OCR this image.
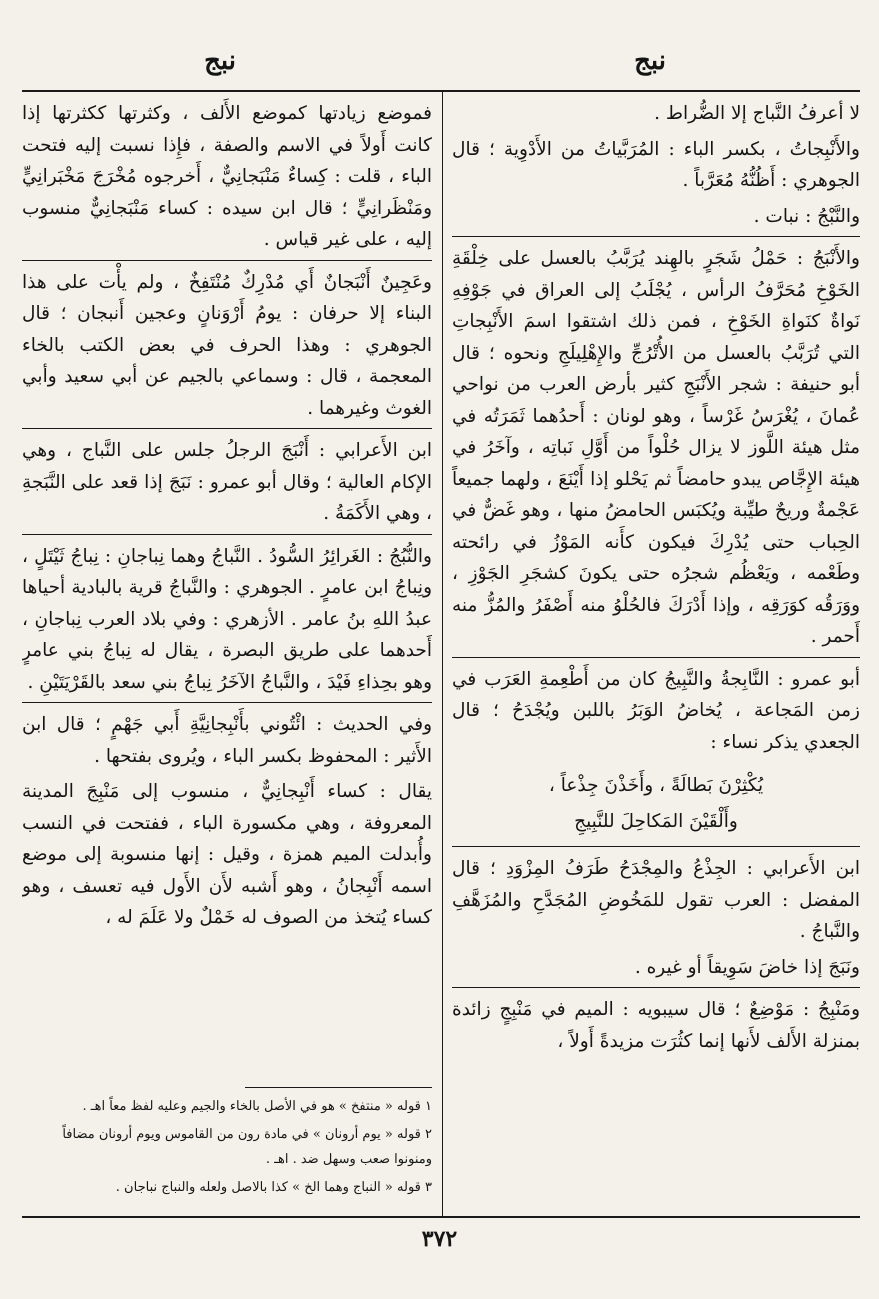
نبج
نبج

لا أعرفُ النَّباج إلا الضُّراط .

والأَنْبِجاتُ ، بكسر الباء : المُرَبَّياتُ من الأَدْوِية ؛ قال الجوهري : أَظُنُّهُ مُعَرَّباً .

والنَّبْجُ : نبات .

والأَنْبَجُ : حَمْلُ شَجَرٍ بالهِند يُرَبَّبُ بالعسل على خِلْقَةِ الخَوْخِ مُحَرَّفُ الرأس ، يُجْلَبُ إلى العراق في جَوْفِهِ نَواةٌ كنَواةِ الخَوْخِ ، فمن ذلك اشتقوا اسمَ الأَنْبِجاتِ التي تُرَبَّبُ بالعسل من الأُتْرُجِّ والإِهْلِيلَجِ ونحوه ؛ قال أبو حنيفة : شجر الأَنْبَجِ كثير بأرض العرب من نواحي عُمانَ ، يُغْرَسُ غَرْساً ، وهو لونان : أَحدُهما ثَمَرَتُه في مثل هيئة اللَّوز لا يزال حُلْواً من أَوَّلِ نَباتِه ، وآخَرُ في هيئة الإِجَّاص يبدو حامضاً ثم يَحْلو إذا أَيْنَعَ ، ولهما جميعاً عَجْمةٌ وريحٌ طيِّبة ويُكبَس الحامضُ منها ، وهو غَضٌّ في الحِباب حتى يُدْرِكَ فيكون كأَنه المَوْزُ في رائحته وطَعْمه ، ويَعْظُم شجرُه حتى يكونَ كشجَرِ الجَوْزِ ، ووَرَقُه كوَرَقِه ، وإذا أَدْرَكَ فالحُلْوُ منه أَصْفَرُ والمُزُّ منه أَحمر .

أبو عمرو : النَّابِجةُ والنَّبِيجُ كان من أَطْعِمةِ العَرَب في زمن المَجاعة ، يُخاضُ الوَبَرُ باللبن ويُجْدَحُ ؛ قال الجعدي يذكر نساء :

يُكْثِرْنَ بَطالَةً ، وأَخَذْنَ جِذْعاً ،
وأَلْقَيْنَ المَكاحِلَ للنَّبِيجِ

ابن الأَعرابي : الجِذْعُ والمِجْدَحُ طَرَفُ المِزْوَدِ ؛ قال المفضل : العرب تقول للمَخُوضِ المُجَدَّحِ والمُزَهَّفِ والنَّباجُ .

ونَبَجَ إذا خاضَ سَوِيقاً أو غيره .

ومَنْبِجُ : مَوْضِعٌ ؛ قال سيبويه : الميم في مَنْبِجٍ زائدة بمنزلة الأَلف لأَنها إنما كثُرَت مزيدةً أَولاً ،

فموضع زيادتها كموضع الأَلف ، وكثرتها ككثرتها إذا كانت أَولاً في الاسم والصفة ، فإِذا نسبت إليه فتحت الباء ، قلت : كِساءٌ مَنْبَجانِيٌّ ، أَخرجوه مُخْرَجَ مَخْبَرانِيٍّ ومَنْظَرانِيٍّ ؛ قال ابن سيده : كساء مَنْبَجانِيٌّ منسوب إليه ، على غير قياس .

وعَجِينٌ أَنْبَجانٌ أَي مُدْرِكٌ مُنْتَفِخٌ ، ولم يأْت على هذا البناء إلا حرفان : يومُ أَرْوَنانٍ وعجين أَنبجان ؛ قال الجوهري : وهذا الحرف في بعض الكتب بالخاء المعجمة ، قال : وسماعي بالجيم عن أبي سعيد وأبي الغوث وغيرهما .

ابن الأَعرابي : أَنْبَجَ الرجلُ جلس على النَّباج ، وهي الإكام العالية ؛ وقال أبو عمرو : نَبَجَ إذا قعد على النَّبَجةِ ، وهي الأَكَمَةُ .

والنُّبُجُ : الغَرائِرُ السُّودُ . النَّباجُ وهما نِباجانِ : نِباجُ ثَيْتَلٍ ، ونِباجُ ابن عامرٍ . الجوهري : والنَّباجُ قرية بالبادية أحياها عبدُ اللهِ بنُ عامر . الأزهري : وفي بلاد العرب نِباجانِ ، أَحدهما على طريق البصرة ، يقال له نِباجُ بني عامرٍ وهو بحِذاءِ فَيْدَ ، والنَّباجُ الآخَرُ نِباجُ بني سعد بالقَرْيَتَيْنِ .

وفي الحديث : ائْتُوني بأَنْبِجانِيَّةِ أَبي جَهْمٍ ؛ قال ابن الأَثير : المحفوظ بكسر الباء ، ويُروى بفتحها .

يقال : كساء أَنْبِجانِيٌّ ، منسوب إلى مَنْبِجَ المدينة المعروفة ، وهي مكسورة الباء ، ففتحت في النسب وأُبدلت الميم همزة ، وقيل : إنها منسوبة إلى موضع اسمه أَنْبِجانُ ، وهو أَشبه لأَن الأَول فيه تعسف ، وهو كساء يُتخذ من الصوف له خَمْلٌ ولا عَلَمَ له ،

١ قوله « منتفخ » هو في الأصل بالخاء والجيم وعليه لفظ معاً اهـ .

٢ قوله « يوم أرونان » في مادة رون من القاموس ويوم أرونان مضافاً ومنونوا صعب وسهل ضد . اهـ .

٣ قوله « النباج وهما الخ » كذا بالاصل ولعله والنباج نباجان .

٣٧٢
